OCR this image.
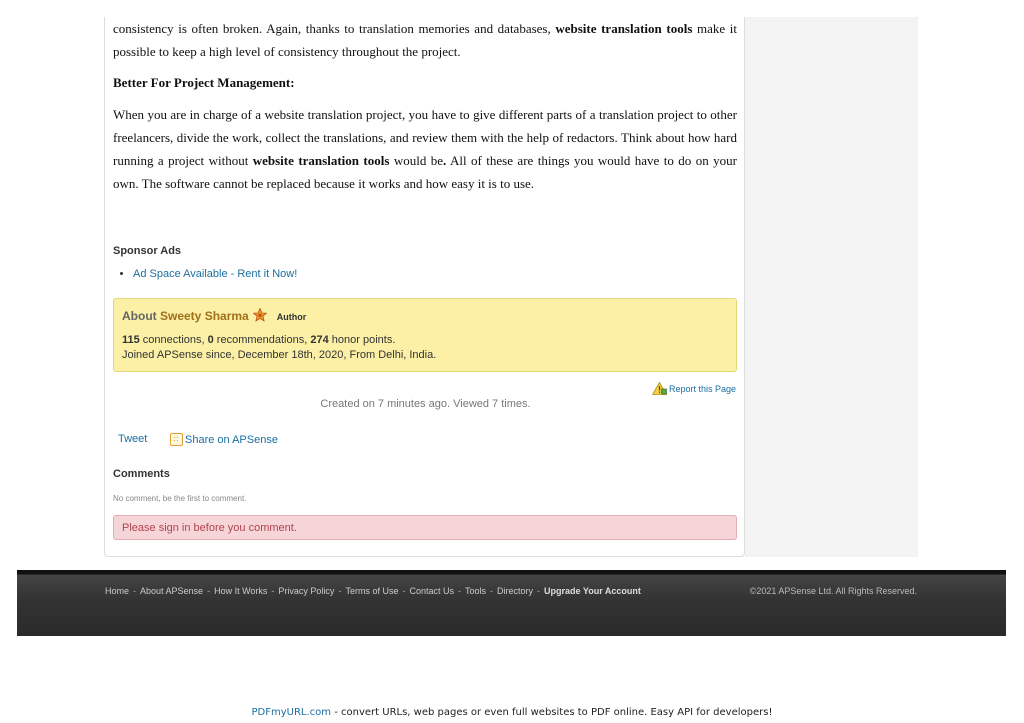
consistency is often broken. Again, thanks to translation memories and databases, website translation tools make it possible to keep a high level of consistency throughout the project.

Better For Project Management:

When you are in charge of a website translation project, you have to give different parts of a translation project to other freelancers, divide the work, collect the translations, and review them with the help of redactors. Think about how hard running a project without website translation tools would be. All of these are things you would have to do on your own. The software cannot be replaced because it works and how easy it is to use.

Sponsor Ads
• Ad Space Available - Rent it Now!
About Sweety Sharma	Author
115 connections, 0 recommendations, 274 honor points.
Joined APSense since, December 18th, 2020, From Delhi, India.
Report this Page
Created on 7 minutes ago. Viewed 7 times.
Tweet	Share on APSense
Comments
No comment, be the first to comment.
Please sign in before you comment.
Home - About APSense - How It Works - Privacy Policy - Terms of Use - Contact Us - Tools - Directory - Upgrade Your Account	©2021 APSense Ltd. All Rights Reserved.
PDFmyURL.com - convert URLs, web pages or even full websites to PDF online. Easy API for developers!
